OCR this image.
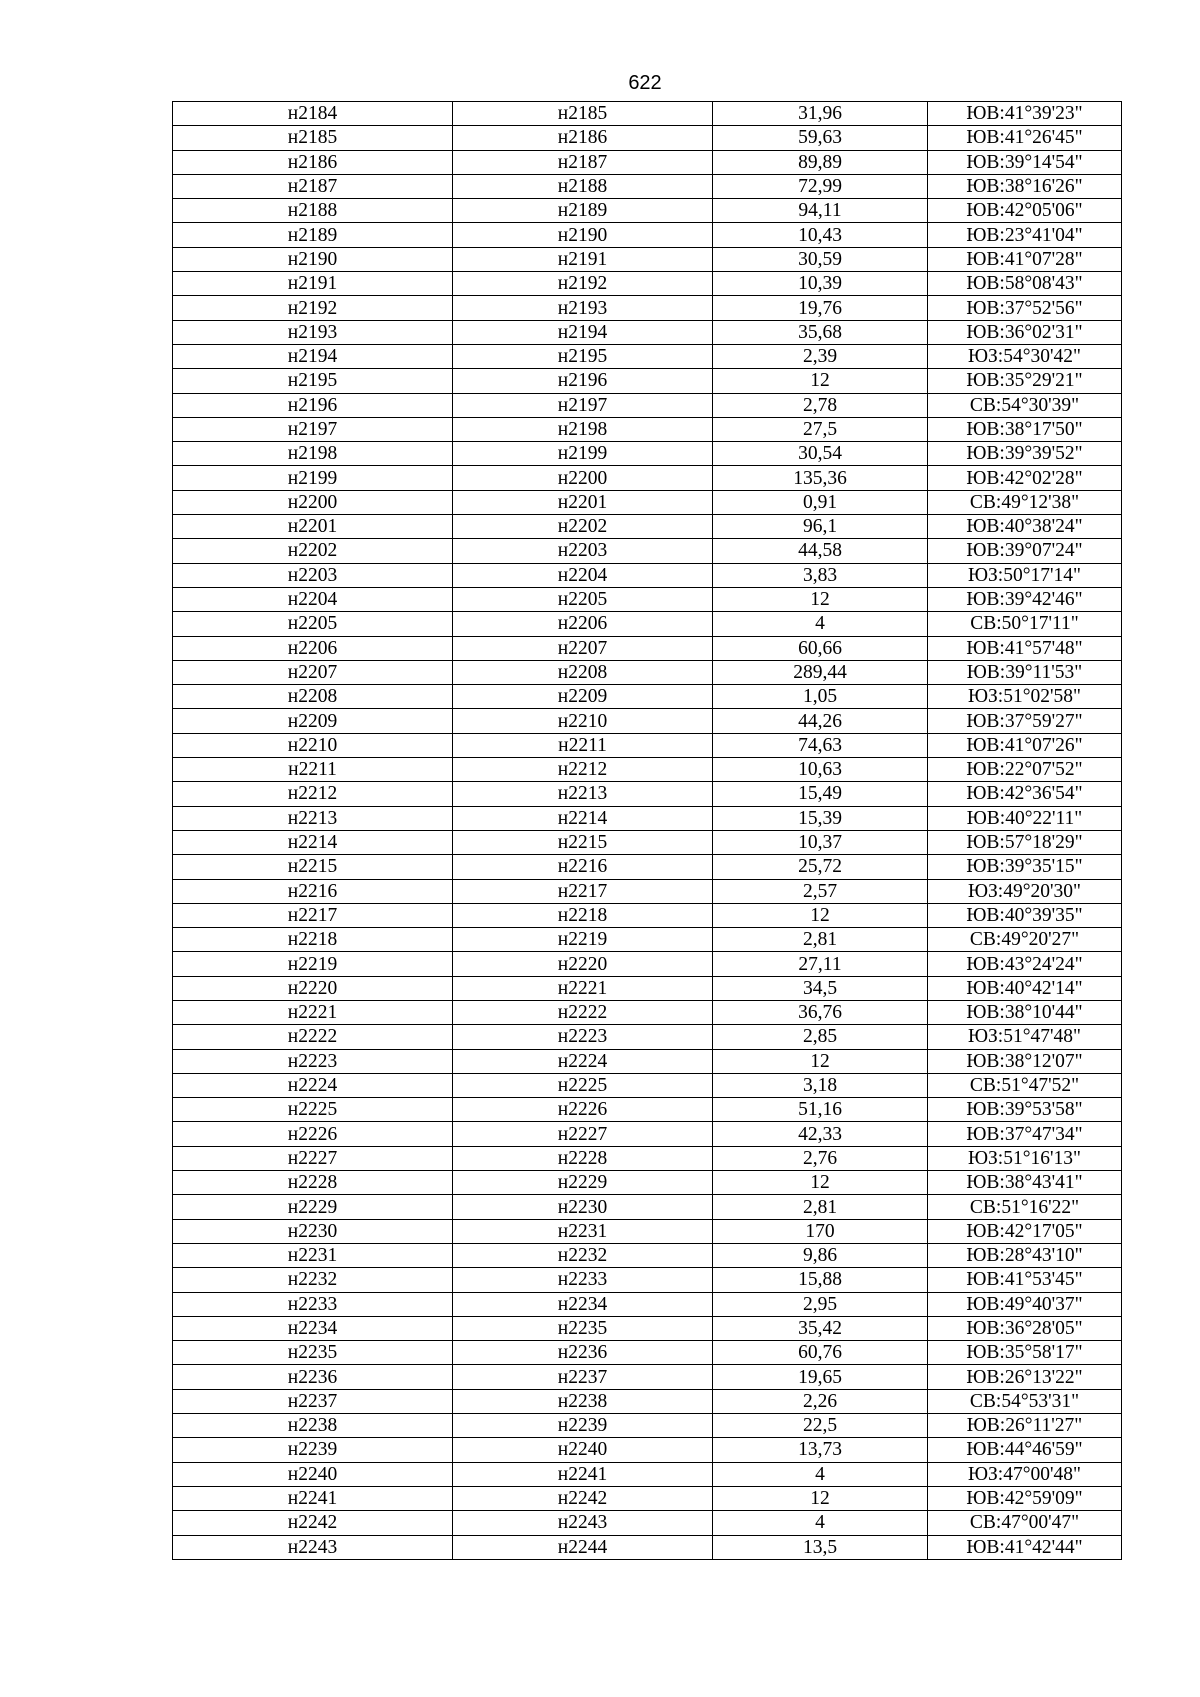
622
н2184	н2185	31,96	ЮВ:41°39'23"
н2185	н2186	59,63	ЮВ:41°26'45"
н2186	н2187	89,89	ЮВ:39°14'54"
н2187	н2188	72,99	ЮВ:38°16'26"
н2188	н2189	94,11	ЮВ:42°05'06"
н2189	н2190	10,43	ЮВ:23°41'04"
н2190	н2191	30,59	ЮВ:41°07'28"
н2191	н2192	10,39	ЮВ:58°08'43"
н2192	н2193	19,76	ЮВ:37°52'56"
н2193	н2194	35,68	ЮВ:36°02'31"
н2194	н2195	2,39	ЮЗ:54°30'42"
н2195	н2196	12	ЮВ:35°29'21"
н2196	н2197	2,78	СВ:54°30'39"
н2197	н2198	27,5	ЮВ:38°17'50"
н2198	н2199	30,54	ЮВ:39°39'52"
н2199	н2200	135,36	ЮВ:42°02'28"
н2200	н2201	0,91	СВ:49°12'38"
н2201	н2202	96,1	ЮВ:40°38'24"
н2202	н2203	44,58	ЮВ:39°07'24"
н2203	н2204	3,83	ЮЗ:50°17'14"
н2204	н2205	12	ЮВ:39°42'46"
н2205	н2206	4	СВ:50°17'11"
н2206	н2207	60,66	ЮВ:41°57'48"
н2207	н2208	289,44	ЮВ:39°11'53"
н2208	н2209	1,05	ЮЗ:51°02'58"
н2209	н2210	44,26	ЮВ:37°59'27"
н2210	н2211	74,63	ЮВ:41°07'26"
н2211	н2212	10,63	ЮВ:22°07'52"
н2212	н2213	15,49	ЮВ:42°36'54"
н2213	н2214	15,39	ЮВ:40°22'11"
н2214	н2215	10,37	ЮВ:57°18'29"
н2215	н2216	25,72	ЮВ:39°35'15"
н2216	н2217	2,57	ЮЗ:49°20'30"
н2217	н2218	12	ЮВ:40°39'35"
н2218	н2219	2,81	СВ:49°20'27"
н2219	н2220	27,11	ЮВ:43°24'24"
н2220	н2221	34,5	ЮВ:40°42'14"
н2221	н2222	36,76	ЮВ:38°10'44"
н2222	н2223	2,85	ЮЗ:51°47'48"
н2223	н2224	12	ЮВ:38°12'07"
н2224	н2225	3,18	СВ:51°47'52"
н2225	н2226	51,16	ЮВ:39°53'58"
н2226	н2227	42,33	ЮВ:37°47'34"
н2227	н2228	2,76	ЮЗ:51°16'13"
н2228	н2229	12	ЮВ:38°43'41"
н2229	н2230	2,81	СВ:51°16'22"
н2230	н2231	170	ЮВ:42°17'05"
н2231	н2232	9,86	ЮВ:28°43'10"
н2232	н2233	15,88	ЮВ:41°53'45"
н2233	н2234	2,95	ЮВ:49°40'37"
н2234	н2235	35,42	ЮВ:36°28'05"
н2235	н2236	60,76	ЮВ:35°58'17"
н2236	н2237	19,65	ЮВ:26°13'22"
н2237	н2238	2,26	СВ:54°53'31"
н2238	н2239	22,5	ЮВ:26°11'27"
н2239	н2240	13,73	ЮВ:44°46'59"
н2240	н2241	4	ЮЗ:47°00'48"
н2241	н2242	12	ЮВ:42°59'09"
н2242	н2243	4	СВ:47°00'47"
н2243	н2244	13,5	ЮВ:41°42'44"
